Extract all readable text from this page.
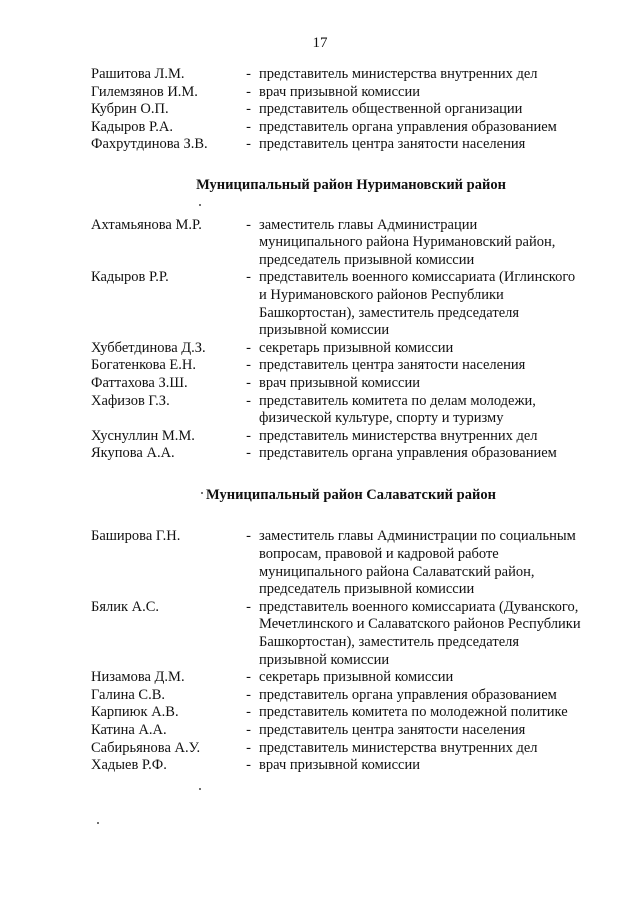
17
Рашитова Л.М.	- представитель министерства внутренних дел
Гилемзянов И.М.	- врач призывной комиссии
Кубрин О.П.	- представитель общественной организации
Кадыров Р.А.	- представитель органа управления образованием
Фахрутдинова З.В.	- представитель центра занятости населения
Муниципальный район Нуримановский район
Ахтамьянова М.Р.	- заместитель главы Администрации
муниципального района Нуримановский район,
председатель призывной комиссии
Кадыров Р.Р.	- представитель военного комиссариата (Иглинского
и Нуримановского районов Республики
Башкортостан), заместитель председателя
призывной комиссии
Хуббетдинова Д.З.	- секретарь призывной комиссии
Богатенкова Е.Н.	- представитель центра занятости населения
Фаттахова З.Ш.	- врач призывной комиссии
Хафизов Г.З.	- представитель комитета по делам молодежи,
физической культуре, спорту и туризму
Хуснуллин М.М.	- представитель министерства внутренних дел
Якупова А.А.	- представитель органа управления образованием
Муниципальный район Салаватский район
Баширова Г.Н.	- заместитель главы Администрации по социальным
вопросам, правовой и кадровой работе
муниципального района Салаватский район,
председатель призывной комиссии
Бялик А.С.	- представитель военного комиссариата (Дуванского,
Мечетлинского и Салаватского районов Республики
Башкортостан), заместитель председателя
призывной комиссии
Низамова Д.М.	- секретарь призывной комиссии
Галина С.В.	- представитель органа управления образованием
Карпиюк А.В.	- представитель комитета по молодежной политике
Катина А.А.	- представитель центра занятости населения
Сабирьянова А.У.	- представитель министерства внутренних дел
Хадыев Р.Ф.	- врач призывной комиссии
